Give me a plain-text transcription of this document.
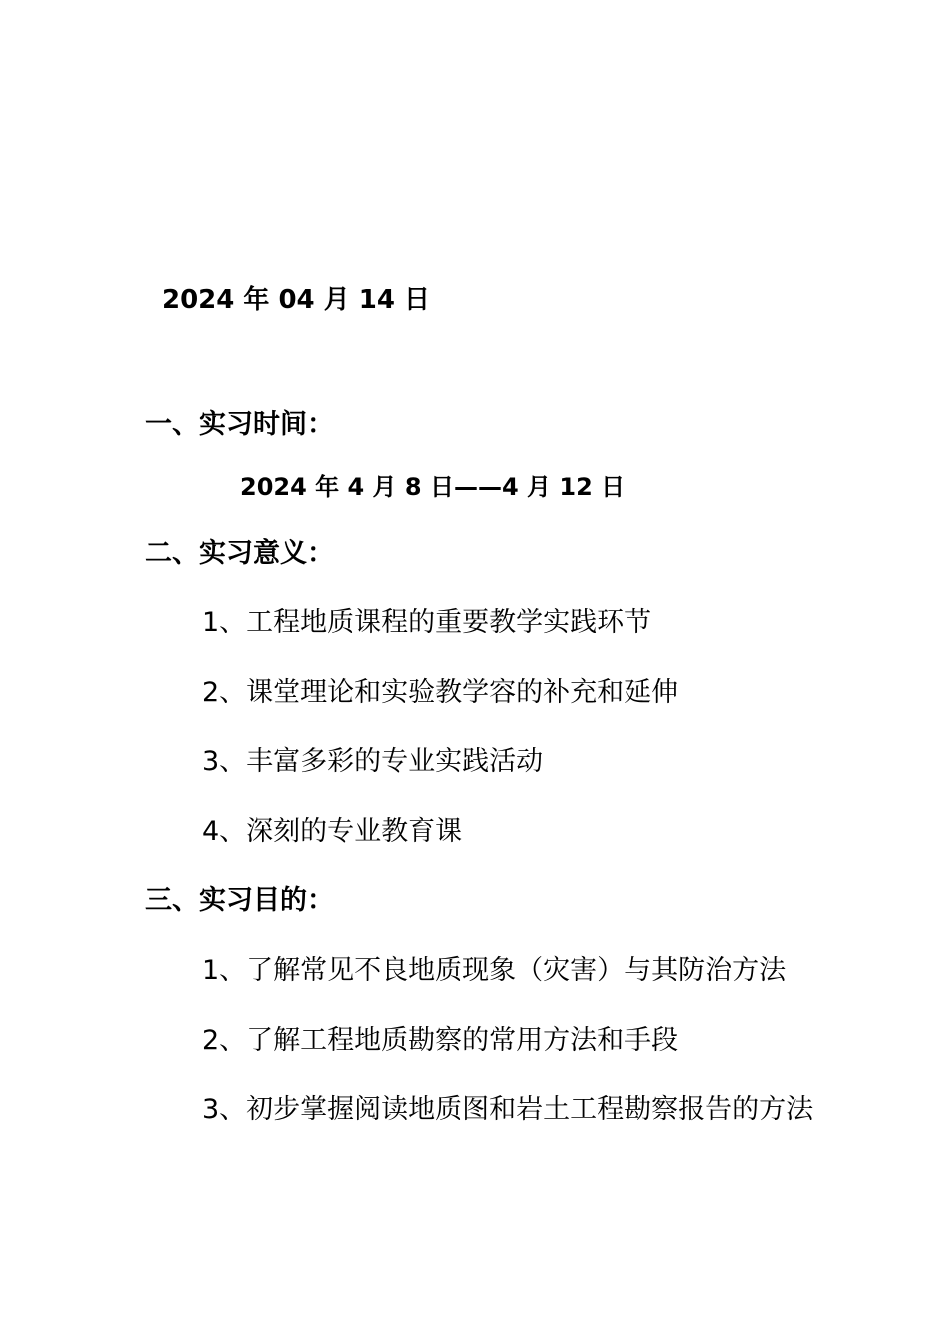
2024 年 04 月 14 日
一、实习时间：
2024 年 4 月 8 日——4 月 12 日
二、实习意义：
1、工程地质课程的重要教学实践环节
2、课堂理论和实验教学容的补充和延伸
3、丰富多彩的专业实践活动
4、深刻的专业教育课
三、实习目的：
1、了解常见不良地质现象（灾害）与其防治方法
2、了解工程地质勘察的常用方法和手段
3、初步掌握阅读地质图和岩土工程勘察报告的方法
